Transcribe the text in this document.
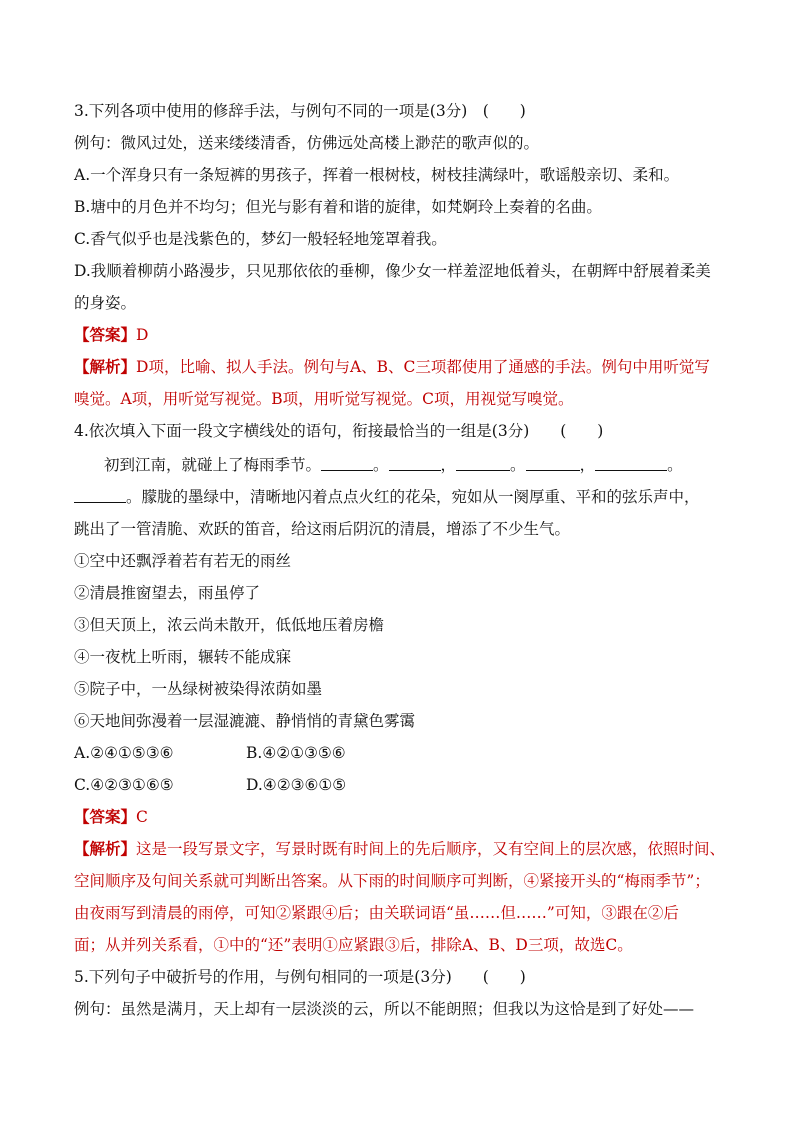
3.下列各项中使用的修辞手法，与例句不同的一项是(3分)　(　　)
例句：微风过处，送来缕缕清香，仿佛远处高楼上渺茫的歌声似的。
A.一个浑身只有一条短裤的男孩子，挥着一根树枝，树枝挂满绿叶，歌谣般亲切、柔和。
B.塘中的月色并不均匀；但光与影有着和谐的旋律，如梵婀玲上奏着的名曲。
C.香气似乎也是浅紫色的，梦幻一般轻轻地笼罩着我。
D.我顺着柳荫小路漫步，只见那依依的垂柳，像少女一样羞涩地低着头，在朝辉中舒展着柔美
的身姿。
【答案】D
【解析】D项，比喻、拟人手法。例句与A、B、C三项都使用了通感的手法。例句中用听觉写
嗅觉。A项，用听觉写视觉。B项，用听觉写视觉。C项，用视觉写嗅觉。
4.依次填入下面一段文字横线处的语句，衔接最恰当的一组是(3分)　　(　　)
初到江南，就碰上了梅雨季节。	。	，	。	，	。
。朦胧的墨绿中，清晰地闪着点点火红的花朵，宛如从一阕厚重、平和的弦乐声中，
跳出了一管清脆、欢跃的笛音，给这雨后阴沉的清晨，增添了不少生气。
①空中还飘浮着若有若无的雨丝
②清晨推窗望去，雨虽停了
③但天顶上，浓云尚未散开，低低地压着房檐
④一夜枕上听雨，辗转不能成寐
⑤院子中，一丛绿树被染得浓荫如墨
⑥天地间弥漫着一层湿漉漉、静悄悄的青黛色雾霭
A.②④①⑤③⑥	B.④②①③⑤⑥
C.④②③①⑥⑤	D.④②③⑥①⑤
【答案】C
【解析】这是一段写景文字，写景时既有时间上的先后顺序，又有空间上的层次感，依照时间、
空间顺序及句间关系就可判断出答案。从下雨的时间顺序可判断，④紧接开头的“梅雨季节”；
由夜雨写到清晨的雨停，可知②紧跟④后；由关联词语“虽……但……”可知，③跟在②后
面；从并列关系看，①中的“还”表明①应紧跟③后，排除A、B、D三项，故选C。
5.下列句子中破折号的作用，与例句相同的一项是(3分)　　(　　)
例句：虽然是满月，天上却有一层淡淡的云，所以不能朗照；但我以为这恰是到了好处——
